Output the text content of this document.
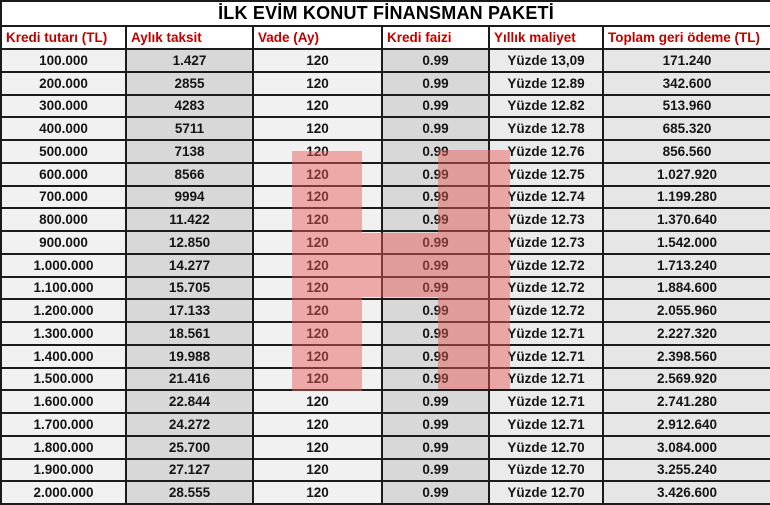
İLK EVİM KONUT FİNANSMAN PAKETİ					
Kredi tutarı (TL)	Aylık taksit	Vade (Ay)	Kredi faizi	Yıllık maliyet	Toplam geri ödeme (TL)
100.000	1.427	120	0.99	Yüzde 13,09	171.240
200.000	2855	120	0.99	Yüzde 12.89	342.600
300.000	4283	120	0.99	Yüzde 12.82	513.960
400.000	5711	120	0.99	Yüzde 12.78	685.320
500.000	7138	120	0.99	Yüzde 12.76	856.560
600.000	8566	120	0.99	Yüzde 12.75	1.027.920
700.000	9994	120	0.99	Yüzde 12.74	1.199.280
800.000	11.422	120	0.99	Yüzde 12.73	1.370.640
900.000	12.850	120	0.99	Yüzde 12.73	1.542.000
1.000.000	14.277	120	0.99	Yüzde 12.72	1.713.240
1.100.000	15.705	120	0.99	Yüzde 12.72	1.884.600
1.200.000	17.133	120	0.99	Yüzde 12.72	2.055.960
1.300.000	18.561	120	0.99	Yüzde 12.71	2.227.320
1.400.000	19.988	120	0.99	Yüzde 12.71	2.398.560
1.500.000	21.416	120	0.99	Yüzde 12.71	2.569.920
1.600.000	22.844	120	0.99	Yüzde 12.71	2.741.280
1.700.000	24.272	120	0.99	Yüzde 12.71	2.912.640
1.800.000	25.700	120	0.99	Yüzde 12.70	3.084.000
1.900.000	27.127	120	0.99	Yüzde 12.70	3.255.240
2.000.000	28.555	120	0.99	Yüzde 12.70	3.426.600
